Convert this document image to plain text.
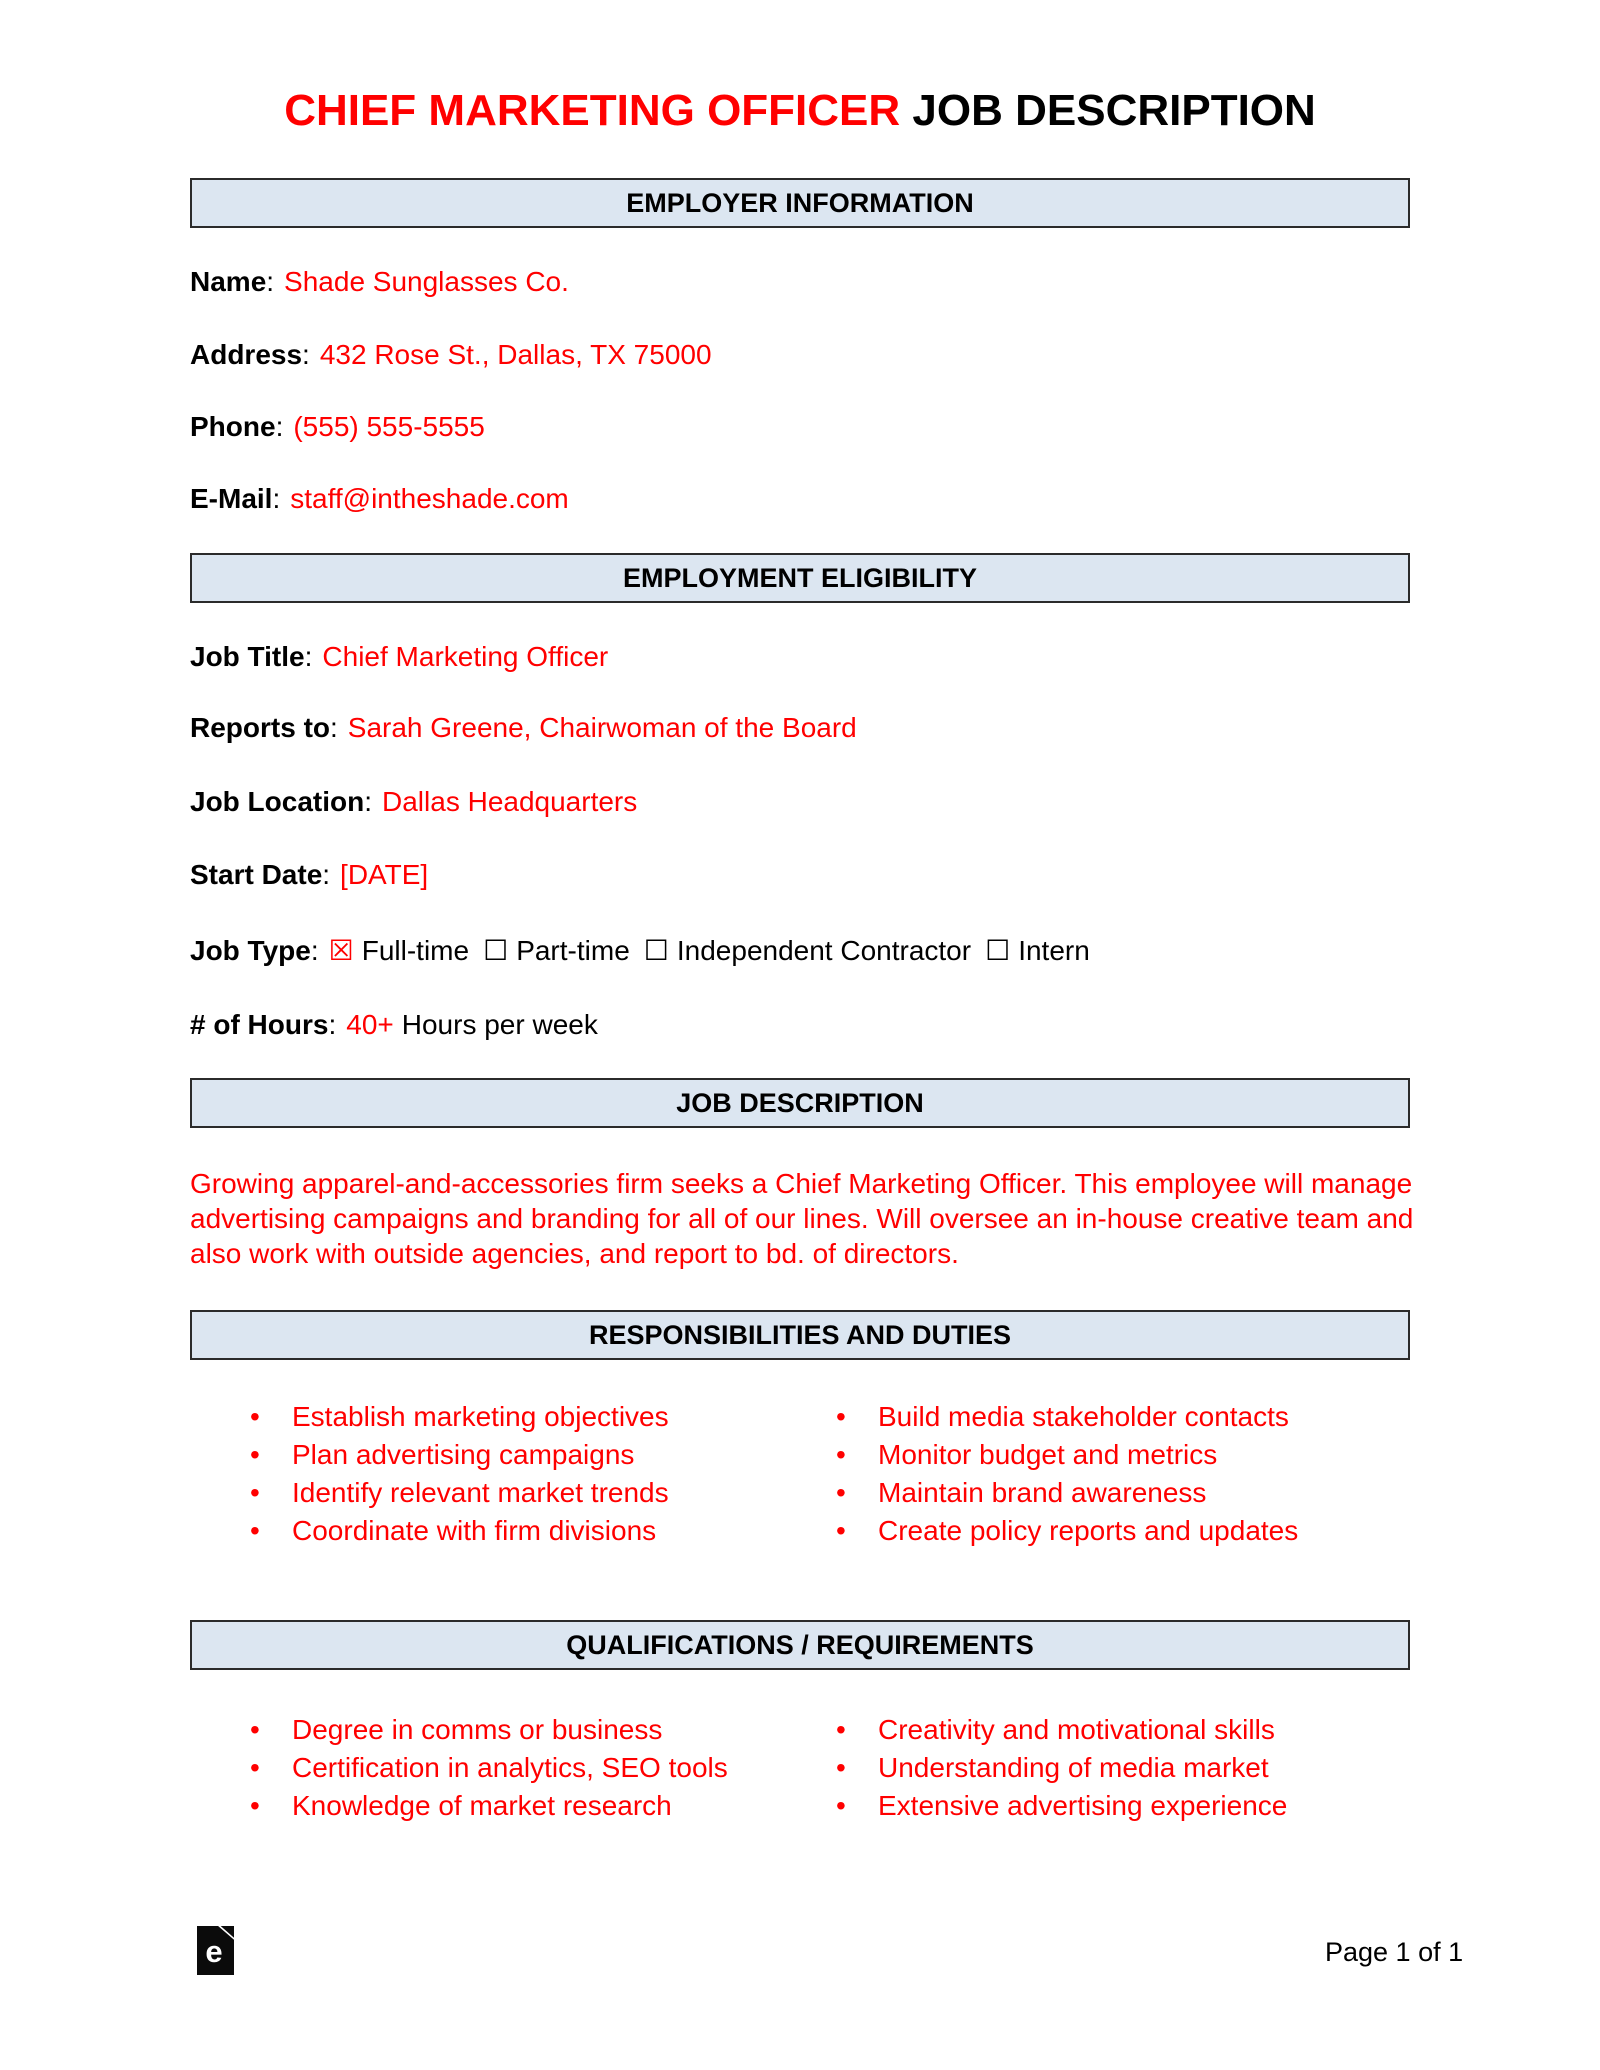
CHIEF MARKETING OFFICER JOB DESCRIPTION
EMPLOYER INFORMATION
Name: Shade Sunglasses Co.
Address: 432 Rose St., Dallas, TX 75000
Phone: (555) 555-5555
E-Mail: staff@intheshade.com
EMPLOYMENT ELIGIBILITY
Job Title: Chief Marketing Officer
Reports to: Sarah Greene, Chairwoman of the Board
Job Location: Dallas Headquarters
Start Date: [DATE]
Job Type: ☒ Full-time ☐ Part-time ☐ Independent Contractor ☐ Intern
# of Hours: 40+ Hours per week
JOB DESCRIPTION
Growing apparel-and-accessories firm seeks a Chief Marketing Officer. This employee will manage advertising campaigns and branding for all of our lines. Will oversee an in-house creative team and also work with outside agencies, and report to bd. of directors.
RESPONSIBILITIES AND DUTIES
•	Establish marketing objectives
•	Plan advertising campaigns
•	Identify relevant market trends
•	Coordinate with firm divisions
•	Build media stakeholder contacts
•	Monitor budget and metrics
•	Maintain brand awareness
•	Create policy reports and updates
QUALIFICATIONS / REQUIREMENTS
•	Degree in comms or business
•	Certification in analytics, SEO tools
•	Knowledge of market research
•	Creativity and motivational skills
•	Understanding of media market
•	Extensive advertising experience
e	Page 1 of 1
